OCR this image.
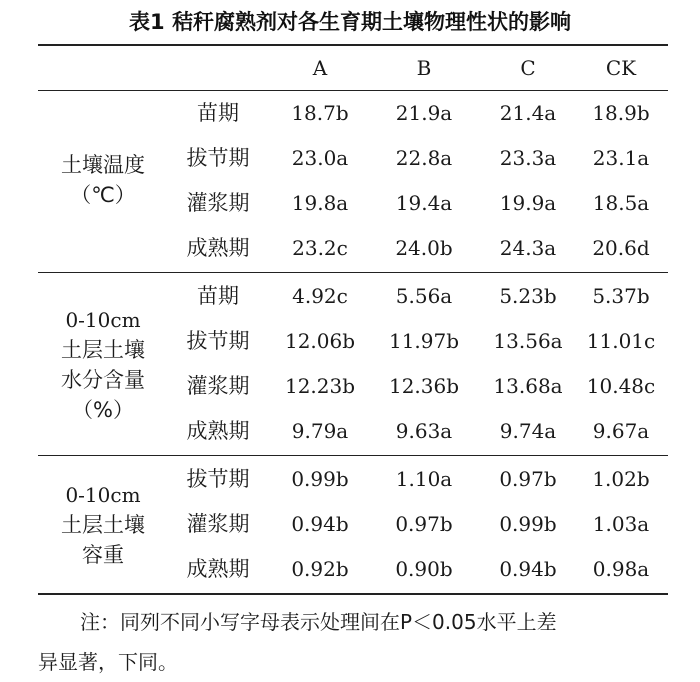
表1 秸秆腐熟剂对各生育期土壤物理性状的影响
A	B	C	CK
土壤温度
（℃）
苗期	18.7b	21.9a	21.4a	18.9b
拔节期	23.0a	22.8a	23.3a	23.1a
灌浆期	19.8a	19.4a	19.9a	18.5a
成熟期	23.2c	24.0b	24.3a	20.6d
0-10cm
土层土壤
水分含量
（%）
苗期	4.92c	5.56a	5.23b	5.37b
拔节期	12.06b	11.97b	13.56a	11.01c
灌浆期	12.23b	12.36b	13.68a	10.48c
成熟期	9.79a	9.63a	9.74a	9.67a
0-10cm
土层土壤
容重
拔节期	0.99b	1.10a	0.97b	1.02b
灌浆期	0.94b	0.97b	0.99b	1.03a
成熟期	0.92b	0.90b	0.94b	0.98a
注：同列不同小写字母表示处理间在P＜0.05水平上差
异显著，下同。
